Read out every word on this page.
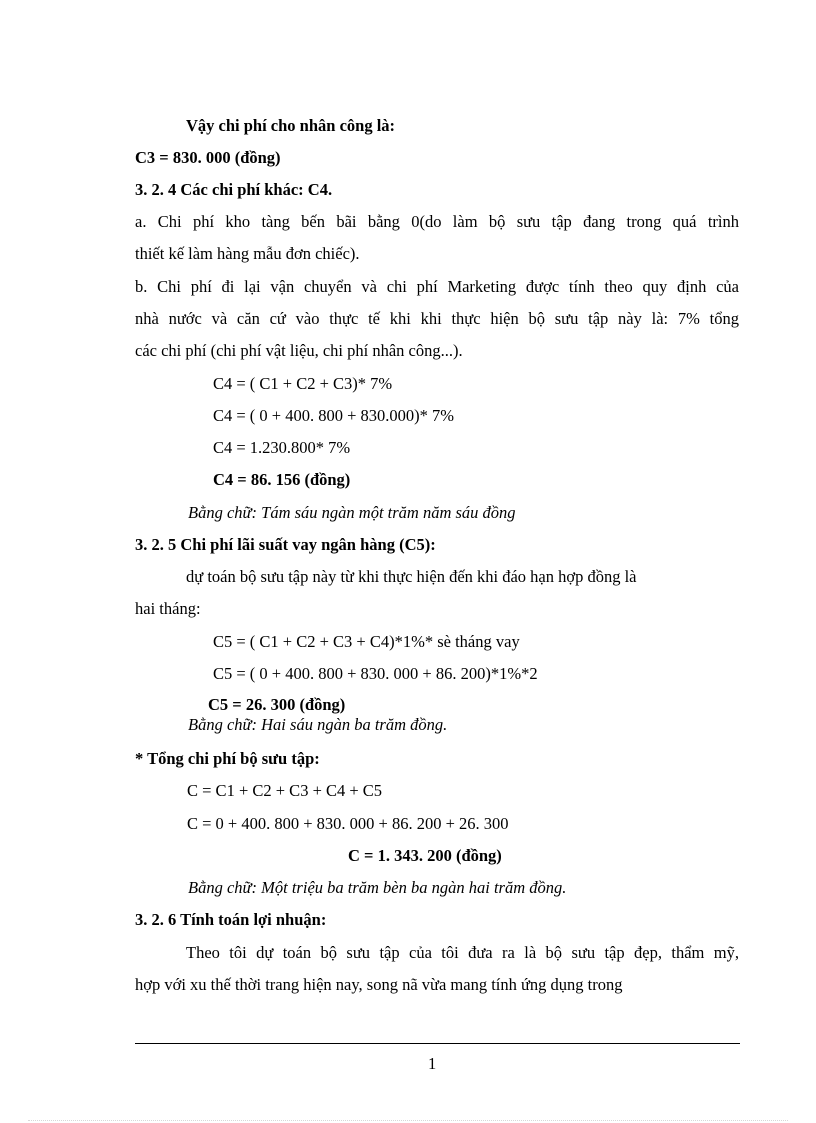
Vậy chi phí cho nhân công là:
C3 = 830. 000 (đồng)
3. 2. 4 Các chi phí khác: C4.
a. Chi phí kho tàng bến bãi bằng 0(do làm bộ sưu tập đang trong quá trình
thiết kế làm hàng mẫu đơn chiếc).
b. Chi phí đi lại vận chuyển và chi phí Marketing được tính theo quy định của
nhà nước và căn cứ vào thực tế khi khi thực hiện bộ sưu tập này là: 7% tổng
các chi phí (chi phí vật liệu, chi phí nhân công...).
C4 = ( C1 + C2 + C3)* 7%
C4 = ( 0 + 400. 800 + 830.000)* 7%
C4 = 1.230.800* 7%
C4 = 86. 156 (đồng)
Bằng chữ: Tám sáu ngàn một trăm năm sáu đồng
3. 2. 5 Chi phí lãi suất vay ngân hàng (C5):
dự toán bộ sưu tập này từ khi thực hiện đến khi đáo hạn hợp đồng là
hai tháng:
C5 = ( C1 + C2 + C3 + C4)*1%* sè tháng vay
C5 = ( 0 + 400. 800 + 830. 000 + 86. 200)*1%*2
C5 = 26. 300 (đồng)
Bằng chữ: Hai sáu ngàn ba trăm đồng.
* Tổng chi phí bộ sưu tập:
C = C1 + C2 + C3 + C4 + C5
C = 0 + 400. 800 + 830. 000 + 86. 200 + 26. 300
C = 1. 343. 200 (đồng)
Bằng chữ: Một triệu ba trăm bèn ba ngàn hai trăm đồng.
3. 2. 6 Tính toán lợi nhuận:
Theo tôi dự toán bộ sưu tập của tôi đưa ra là bộ sưu tập đẹp, thẩm mỹ,
hợp với xu thế thời trang hiện nay, song nã vừa mang tính ứng dụng trong
1
